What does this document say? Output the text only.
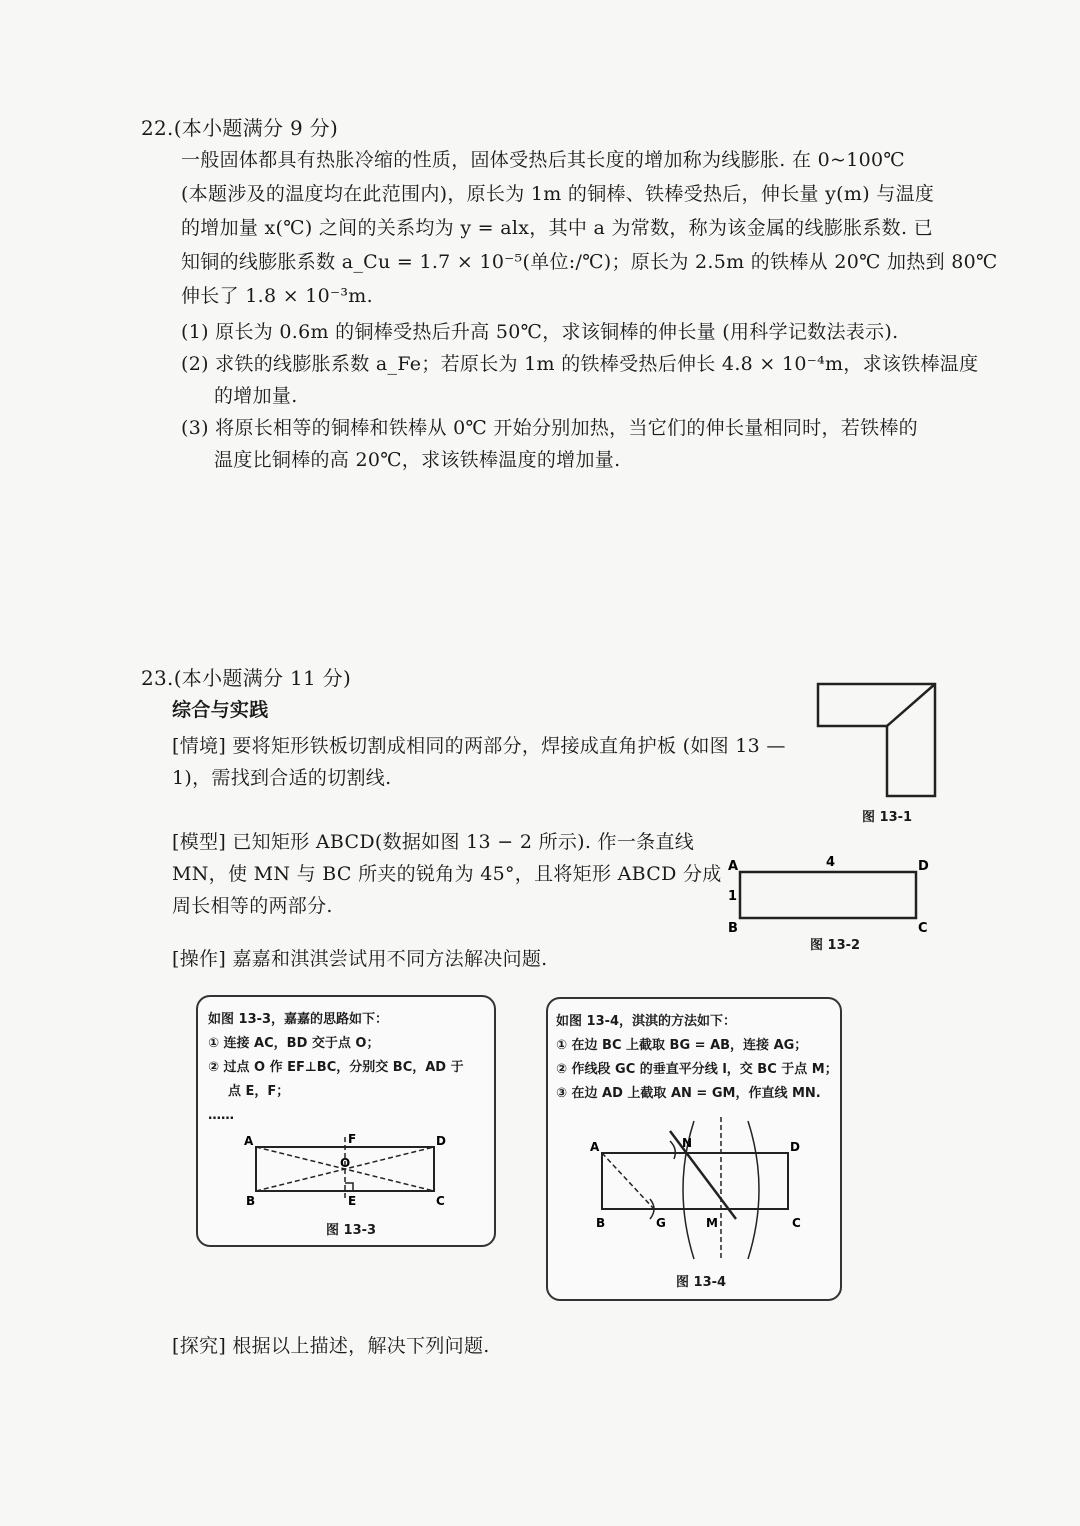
22.(本小题满分 9 分)
一般固体都具有热胀冷缩的性质，固体受热后其长度的增加称为线膨胀. 在 0~100℃
(本题涉及的温度均在此范围内)，原长为 1m 的铜棒、铁棒受热后，伸长量 y(m) 与温度
的增加量 x(℃) 之间的关系均为 y = alx，其中 a 为常数，称为该金属的线膨胀系数. 已
知铜的线膨胀系数 a_Cu = 1.7 × 10⁻⁵(单位:/℃)；原长为 2.5m 的铁棒从 20℃ 加热到 80℃
伸长了 1.8 × 10⁻³m.
(1) 原长为 0.6m 的铜棒受热后升高 50℃，求该铜棒的伸长量 (用科学记数法表示).
(2) 求铁的线膨胀系数 a_Fe；若原长为 1m 的铁棒受热后伸长 4.8 × 10⁻⁴m，求该铁棒温度
的增加量.
(3) 将原长相等的铜棒和铁棒从 0℃ 开始分别加热，当它们的伸长量相同时，若铁棒的
温度比铜棒的高 20℃，求该铁棒温度的增加量.
23.(本小题满分 11 分)
综合与实践
[情境] 要将矩形铁板切割成相同的两部分，焊接成直角护板 (如图 13 —
1)，需找到合适的切割线.
图 13-1
[模型] 已知矩形 ABCD(数据如图 13 − 2 所示). 作一条直线
MN，使 MN 与 BC 所夹的锐角为 45°，且将矩形 ABCD 分成
周长相等的两部分.
A
B	C
D
4
1
图 13-2
[操作] 嘉嘉和淇淇尝试用不同方法解决问题.
如图 13-3，嘉嘉的思路如下：
① 连接 AC，BD 交于点 O；
② 过点 O 作 EF⊥BC，分别交 BC，AD 于
点 E，F；
……
A
B	C
D
F
E
O
图 13-3
如图 13-4，淇淇的方法如下：
① 在边 BC 上截取 BG = AB，连接 AG；
② 作线段 GC 的垂直平分线 l，交 BC 于点 M；
③ 在边 AD 上截取 AN = GM，作直线 MN.
A
B	C
D
G	M
N
图 13-4
[探究] 根据以上描述，解决下列问题.
